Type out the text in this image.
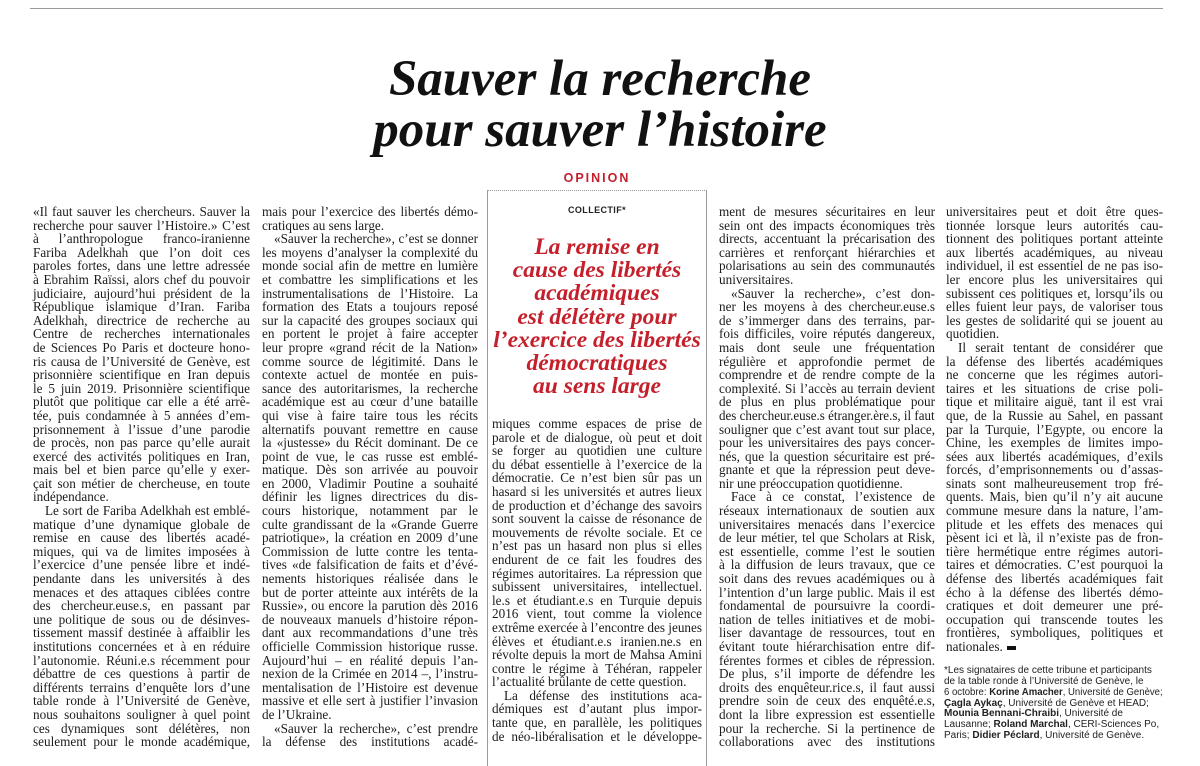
Sauver la recherche
pour sauver l’histoire
OPINION
COLLECTIF*
La remise en
cause des libertés
académiques
est délétère pour
l’exercice des libertés
démocratiques
au sens large
«Il faut sauver les chercheurs. Sauver la
recherche pour sauver l’Histoire.» C’est
à l’anthropologue franco-iranienne
Fariba Adelkhah que l’on doit ces
paroles fortes, dans une lettre adressée
à Ebrahim Raïssi, alors chef du pouvoir
judiciaire, aujourd’hui président de la
République islamique d’Iran. Fariba
Adelkhah, directrice de recherche au
Centre de recherches internationales
de Sciences Po Paris et docteure hono-
ris causa de l’Université de Genève, est
prisonnière scientifique en Iran depuis
le 5 juin 2019. Prisonnière scientifique
plutôt que politique car elle a été arrê-
tée, puis condamnée à 5 années d’em-
prisonnement à l’issue d’une parodie
de procès, non pas parce qu’elle aurait
exercé des activités politiques en Iran,
mais bel et bien parce qu’elle y exer-
çait son métier de chercheuse, en toute
indépendance.
Le sort de Fariba Adelkhah est emblé-
matique d’une dynamique globale de
remise en cause des libertés acadé-
miques, qui va de limites imposées à
l’exercice d’une pensée libre et indé-
pendante dans les universités à des
menaces et des attaques ciblées contre
des chercheur.euse.s, en passant par
une politique de sous ou de désinves-
tissement massif destinée à affaiblir les
institutions concernées et à en réduire
l’autonomie. Réuni.e.s récemment pour
débattre de ces questions à partir de
différents terrains d’enquête lors d’une
table ronde à l’Université de Genève,
nous souhaitons souligner à quel point
ces dynamiques sont délétères, non
seulement pour le monde académique,
mais pour l’exercice des libertés démo-
cratiques au sens large.
«Sauver la recherche», c’est se donner
les moyens d’analyser la complexité du
monde social afin de mettre en lumière
et combattre les simplifications et les
instrumentalisations de l’Histoire. La
formation des Etats a toujours reposé
sur la capacité des groupes sociaux qui
en portent le projet à faire accepter
leur propre «grand récit de la Nation»
comme source de légitimité. Dans le
contexte actuel de montée en puis-
sance des autoritarismes, la recherche
académique est au cœur d’une bataille
qui vise à faire taire tous les récits
alternatifs pouvant remettre en cause
la «justesse» du Récit dominant. De ce
point de vue, le cas russe est emblé-
matique. Dès son arrivée au pouvoir
en 2000, Vladimir Poutine a souhaité
définir les lignes directrices du dis-
cours historique, notamment par le
culte grandissant de la «Grande Guerre
patriotique», la création en 2009 d’une
Commission de lutte contre les tenta-
tives «de falsification de faits et d’évé-
nements historiques réalisée dans le
but de porter atteinte aux intérêts de la
Russie», ou encore la parution dès 2016
de nouveaux manuels d’histoire répon-
dant aux recommandations d’une très
officielle Commission historique russe.
Aujourd’hui – en réalité depuis l’an-
nexion de la Crimée en 2014 –, l’instru-
mentalisation de l’Histoire est devenue
massive et elle sert à justifier l’invasion
de l’Ukraine.
«Sauver la recherche», c’est prendre
la défense des institutions acadé-
miques comme espaces de prise de
parole et de dialogue, où peut et doit
se forger au quotidien une culture
du débat essentielle à l’exercice de la
démocratie. Ce n’est bien sûr pas un
hasard si les universités et autres lieux
de production et d’échange des savoirs
sont souvent la caisse de résonance de
mouvements de révolte sociale. Et ce
n’est pas un hasard non plus si elles
endurent de ce fait les foudres des
régimes autoritaires. La répression que
subissent universitaires, intellectuel.
le.s et étudiant.e.s en Turquie depuis
2016 vient, tout comme la violence
extrême exercée à l’encontre des jeunes
élèves et étudiant.e.s iranien.ne.s en
révolte depuis la mort de Mahsa Amini
contre le régime à Téhéran, rappeler
l’actualité brûlante de cette question.
La défense des institutions aca-
démiques est d’autant plus impor-
tante que, en parallèle, les politiques
de néo-libéralisation et le développe-
ment de mesures sécuritaires en leur
sein ont des impacts économiques très
directs, accentuant la précarisation des
carrières et renforçant hiérarchies et
polarisations au sein des communautés
universitaires.
«Sauver la recherche», c’est don-
ner les moyens à des chercheur.euse.s
de s’immerger dans des terrains, par-
fois difficiles, voire réputés dangereux,
mais dont seule une fréquentation
régulière et approfondie permet de
comprendre et de rendre compte de la
complexité. Si l’accès au terrain devient
de plus en plus problématique pour
des chercheur.euse.s étranger.ère.s, il faut
souligner que c’est avant tout sur place,
pour les universitaires des pays concer-
nés, que la question sécuritaire est pré-
gnante et que la répression peut deve-
nir une préoccupation quotidienne.
Face à ce constat, l’existence de
réseaux internationaux de soutien aux
universitaires menacés dans l’exercice
de leur métier, tel que Scholars at Risk,
est essentielle, comme l’est le soutien
à la diffusion de leurs travaux, que ce
soit dans des revues académiques ou à
l’intention d’un large public. Mais il est
fondamental de poursuivre la coordi-
nation de telles initiatives et de mobi-
liser davantage de ressources, tout en
évitant toute hiérarchisation entre dif-
férentes formes et cibles de répression.
De plus, s’il importe de défendre les
droits des enquêteur.rice.s, il faut aussi
prendre soin de ceux des enquêté.e.s,
dont la libre expression est essentielle
pour la recherche. Si la pertinence de
collaborations avec des institutions
universitaires peut et doit être ques-
tionnée lorsque leurs autorités cau-
tionnent des politiques portant atteinte
aux libertés académiques, au niveau
individuel, il est essentiel de ne pas iso-
ler encore plus les universitaires qui
subissent ces politiques et, lorsqu’ils ou
elles fuient leur pays, de valoriser tous
les gestes de solidarité qui se jouent au
quotidien.
Il serait tentant de considérer que
la défense des libertés académiques
ne concerne que les régimes autori-
taires et les situations de crise poli-
tique et militaire aiguë, tant il est vrai
que, de la Russie au Sahel, en passant
par la Turquie, l’Egypte, ou encore la
Chine, les exemples de limites impo-
sées aux libertés académiques, d’exils
forcés, d’emprisonnements ou d’assas-
sinats sont malheureusement trop fré-
quents. Mais, bien qu’il n’y ait aucune
commune mesure dans la nature, l’am-
plitude et les effets des menaces qui
pèsent ici et là, il n’existe pas de fron-
tière hermétique entre régimes autori-
taires et démocraties. C’est pourquoi la
défense des libertés académiques fait
écho à la défense des libertés démo-
cratiques et doit demeurer une pré-
occupation qui transcende toutes les
frontières, symboliques, politiques et
nationales.
*Les signataires de cette tribune et participants
de la table ronde à l’Université de Genève, le
6 octobre: Korine Amacher, Université de Genève;
Çagla Aykaç, Université de Genève et HEAD;
Mounia Bennani-Chraibi, Université de
Lausanne; Roland Marchal, CERI-Sciences Po,
Paris; Didier Péclard, Université de Genève.
